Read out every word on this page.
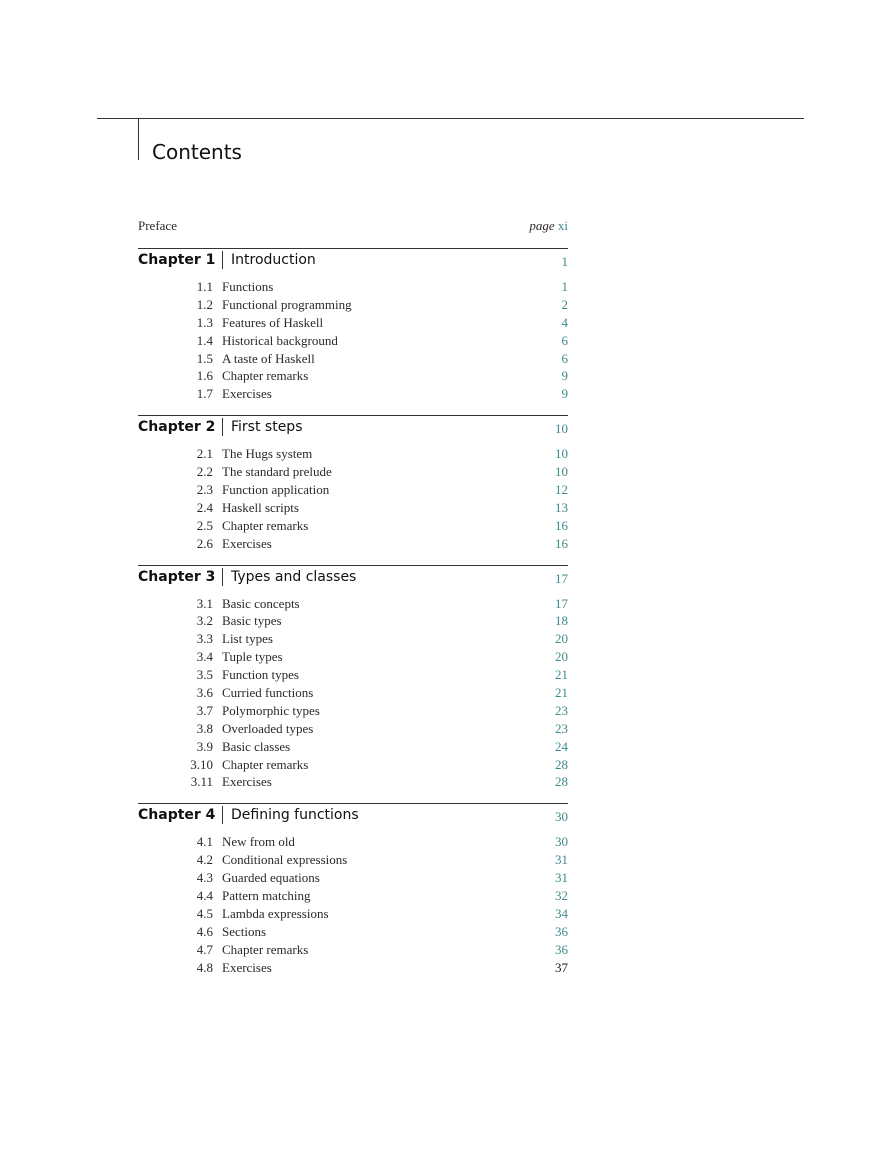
Contents
Preface	page xi
Chapter 1 Introduction	1
1.1 Functions	1
1.2 Functional programming	2
1.3 Features of Haskell	4
1.4 Historical background	6
1.5 A taste of Haskell	6
1.6 Chapter remarks	9
1.7 Exercises	9
Chapter 2 First steps	10
2.1 The Hugs system	10
2.2 The standard prelude	10
2.3 Function application	12
2.4 Haskell scripts	13
2.5 Chapter remarks	16
2.6 Exercises	16
Chapter 3 Types and classes	17
3.1 Basic concepts	17
3.2 Basic types	18
3.3 List types	20
3.4 Tuple types	20
3.5 Function types	21
3.6 Curried functions	21
3.7 Polymorphic types	23
3.8 Overloaded types	23
3.9 Basic classes	24
3.10 Chapter remarks	28
3.11 Exercises	28
Chapter 4 Defining functions	30
4.1 New from old	30
4.2 Conditional expressions	31
4.3 Guarded equations	31
4.4 Pattern matching	32
4.5 Lambda expressions	34
4.6 Sections	36
4.7 Chapter remarks	36
4.8 Exercises	37
